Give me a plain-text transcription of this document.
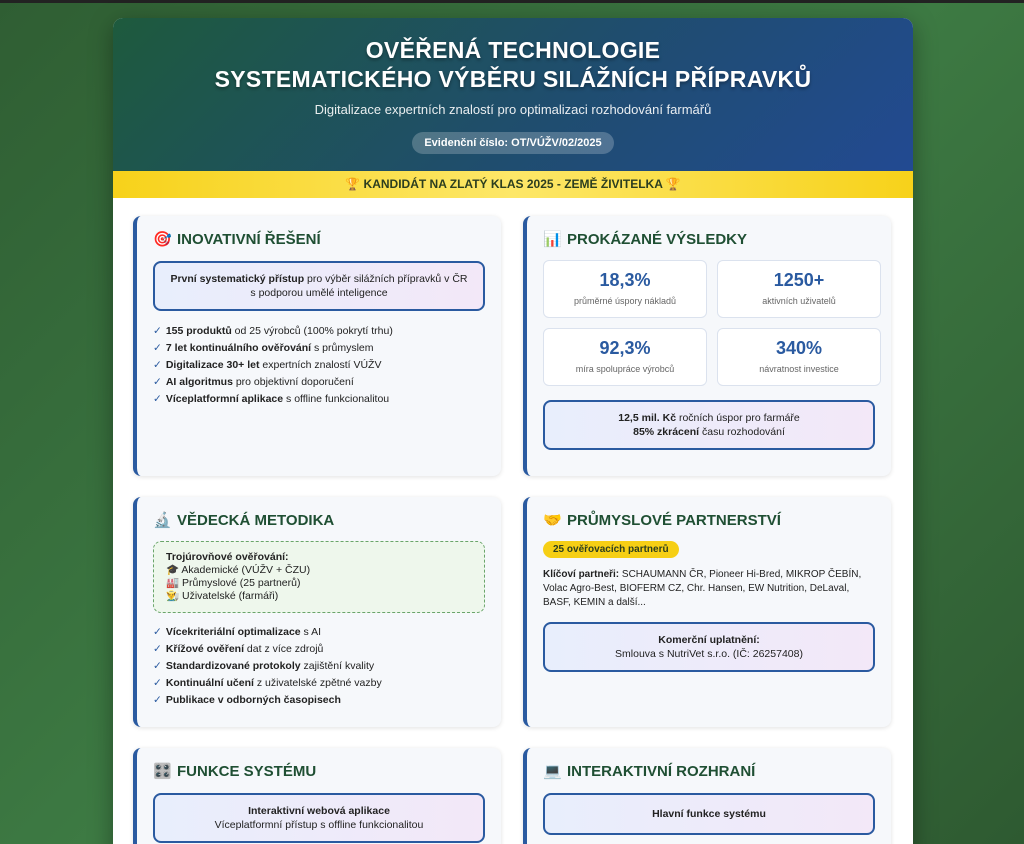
OVĚŘENÁ TECHNOLOGIE
SYSTEMATICKÉHO VÝBĚRU SILÁŽNÍCH PŘÍPRAVKŮ
Digitalizace expertních znalostí pro optimalizaci rozhodování farmářů
Evidenční číslo: OT/VÚŽV/02/2025
🏆 KANDIDÁT NA ZLATÝ KLAS 2025 - ZEMĚ ŽIVITELKA 🏆
🎯 INOVATIVNÍ ŘEŠENÍ
První systematický přístup pro výběr silážních přípravků v ČR s podporou umělé inteligence
✓ 155 produktů od 25 výrobců (100% pokrytí trhu)
✓ 7 let kontinuálního ověřování s průmyslem
✓ Digitalizace 30+ let expertních znalostí VÚŽV
✓ AI algoritmus pro objektivní doporučení
✓ Víceplatformní aplikace s offline funkcionalitou
📊 PROKÁZANÉ VÝSLEDKY
18,3%
průměrné úspory nákladů
1250+
aktivních uživatelů
92,3%
míra spolupráce výrobců
340%
návratnost investice
12,5 mil. Kč ročních úspor pro farmáře
85% zkrácení času rozhodování
🔬 VĚDECKÁ METODIKA
Trojúrovňové ověřování:
🎓 Akademické (VÚŽV + ČZU)
🏭 Průmyslové (25 partnerů)
👨‍🌾 Uživatelské (farmáři)
✓ Vícekriteriální optimalizace s AI
✓ Křížové ověření dat z více zdrojů
✓ Standardizované protokoly zajištění kvality
✓ Kontinuální učení z uživatelské zpětné vazby
✓ Publikace v odborných časopisech
🤝 PRŮMYSLOVÉ PARTNERSTVÍ
25 ověřovacích partnerů
Klíčoví partneři: SCHAUMANN ČR, Pioneer Hi-Bred, MIKROP ČEBÍN, Volac Agro-Best, BIOFERM CZ, Chr. Hansen, EW Nutrition, DeLaval, BASF, KEMIN a další...
Komerční uplatnění:
Smlouva s NutriVet s.r.o. (IČ: 26257408)
🎛️ FUNKCE SYSTÉMU
Interaktivní webová aplikace
Víceplatformní přístup s offline funkcionalitou
💻 INTERAKTIVNÍ ROZHRANÍ
Hlavní funkce systému
